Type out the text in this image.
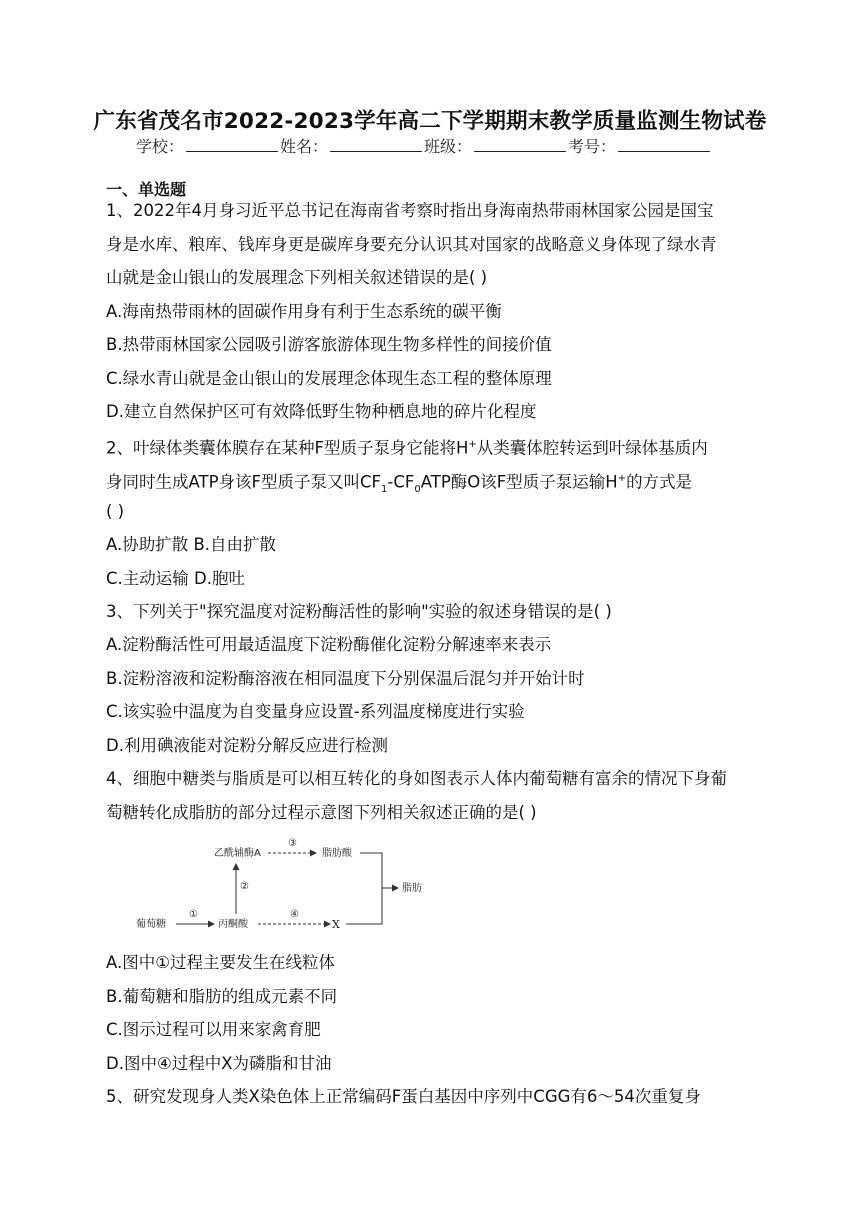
广东省茂名市2022-2023学年高二下学期期末教学质量监测生物试卷
学校：	姓名：	班级：	考号：
一、单选题
1、2022年4月身习近平总书记在海南省考察时指出身海南热带雨林国家公园是国宝
身是水库、粮库、钱库身更是碳库身要充分认识其对国家的战略意义身体现了绿水青
山就是金山银山的发展理念下列相关叙述错误的是( )
A.海南热带雨林的固碳作用身有利于生态系统的碳平衡
B.热带雨林国家公园吸引游客旅游体现生物多样性的间接价值
C.绿水青山就是金山银山的发展理念体现生态工程的整体原理
D.建立自然保护区可有效降低野生物种栖息地的碎片化程度
2、叶绿体类囊体膜存在某种F型质子泵身它能将H+从类囊体腔转运到叶绿体基质内
身同时生成ATP身该F型质子泵又叫$CF_1-CF_0ATP$酶O该F型质子泵运输H+的方式是
( )
A.协助扩散 B.自由扩散
C.主动运输 D.胞吐
3、下列关于"探究温度对淀粉酶活性的影响"实验的叙述身错误的是( )
A.淀粉酶活性可用最适温度下淀粉酶催化淀粉分解速率来表示
B.淀粉溶液和淀粉酶溶液在相同温度下分别保温后混匀并开始计时
C.该实验中温度为自变量身应设置-系列温度梯度进行实验
D.利用碘液能对淀粉分解反应进行检测
4、细胞中糖类与脂质是可以相互转化的身如图表示人体内葡萄糖有富余的情况下身葡
萄糖转化成脂肪的部分过程示意图下列相关叙述正确的是( )
葡萄糖
①
丙酮酸
②
乙酰辅酶A
③
脂肪酸
④
X
脂肪
A.图中①过程主要发生在线粒体
B.葡萄糖和脂肪的组成元素不同
C.图示过程可以用来家禽育肥
D.图中④过程中X为磷脂和甘油
5、研究发现身人类X染色体上正常编码F蛋白基因中序列中CGG有6～54次重复身
